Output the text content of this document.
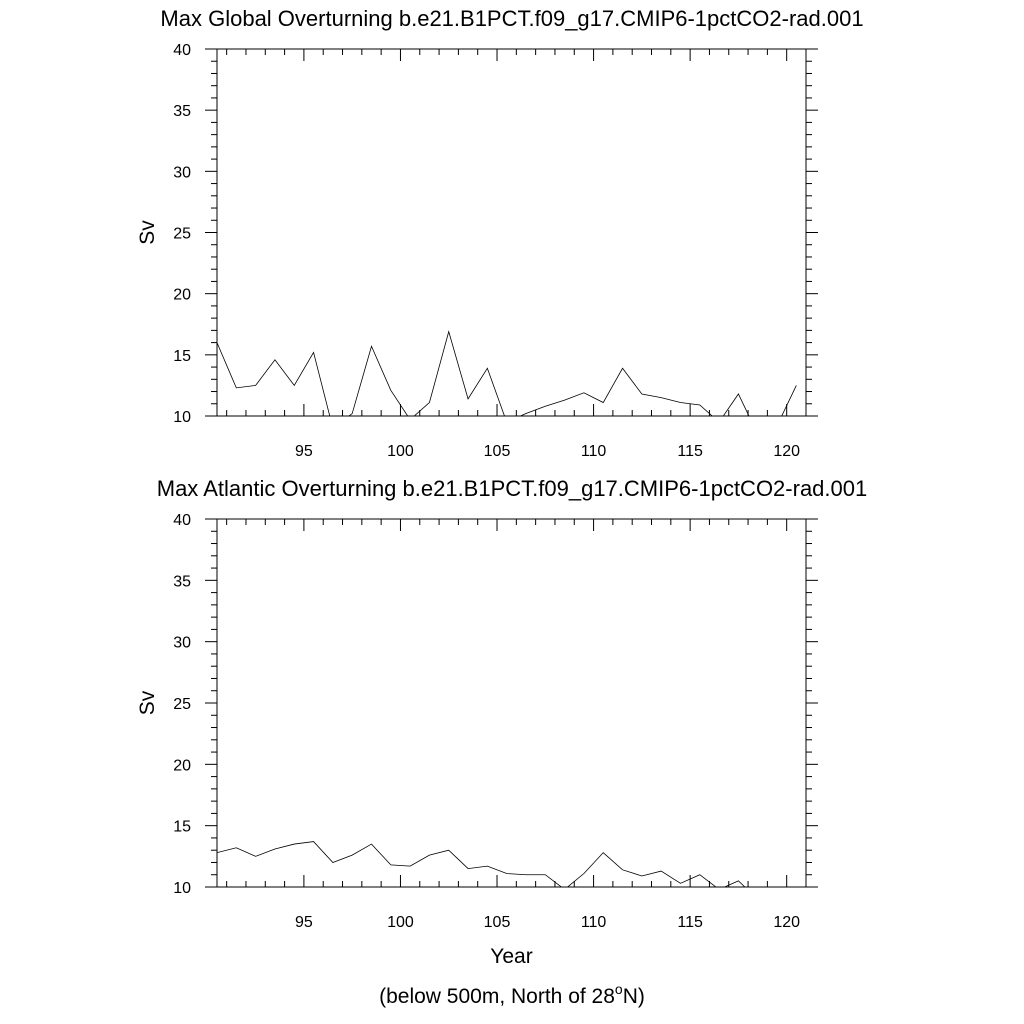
Max Global Overturning b.e21.B1PCT.f09_g17.CMIP6-1pctCO2-rad.001
10
15
20
25
30
35
40
95	100	105	110	115	120
Sv
Max Atlantic Overturning b.e21.B1PCT.f09_g17.CMIP6-1pctCO2-rad.001
10
15
20
25
30
35
40
95	100	105	110	115	120
Sv
Year
(below 500m, North of 28$^o$N)
